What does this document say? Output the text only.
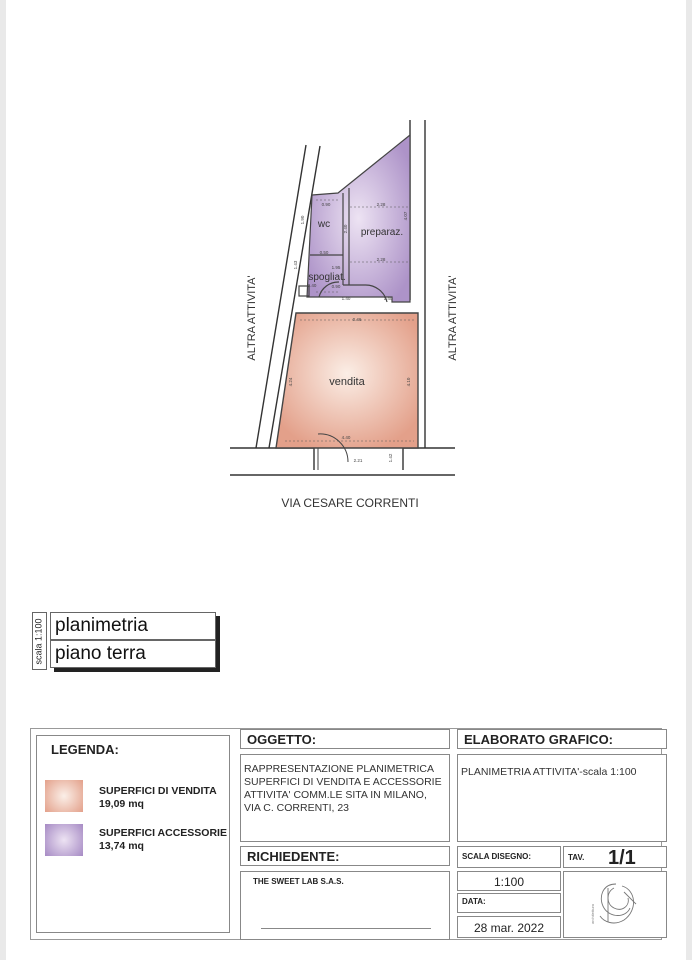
wc
preparaz.
spogliat.
vendita
0.90	2.28
4.07
2.28
1.90
1.40
2.40
0.50
1.43
0.90
1.95
0.40
1.40
0.46
4.24	4.10
4.40
2.21	1.42
ALTRA ATTIVITA'	ALTRA ATTIVITA'
VIA CESARE CORRENTI
scala 1:100 planimetria
piano terra
LEGENDA:
SUPERFICI DI VENDITA
19,09 mq
SUPERFICI ACCESSORIE
13,74 mq
OGGETTO:
RAPPRESENTAZIONE PLANIMETRICA SUPERFICI DI VENDITA E ACCESSORIE ATTIVITA' COMM.LE SITA IN MILANO, VIA C. CORRENTI, 23
ELABORATO GRAFICO:
PLANIMETRIA ATTIVITA'-scala 1:100
RICHIEDENTE:
THE SWEET LAB S.A.S.
SCALA DISEGNO:
1:100
TAV. 1/1
DATA:
28 mar. 2022
architettura
